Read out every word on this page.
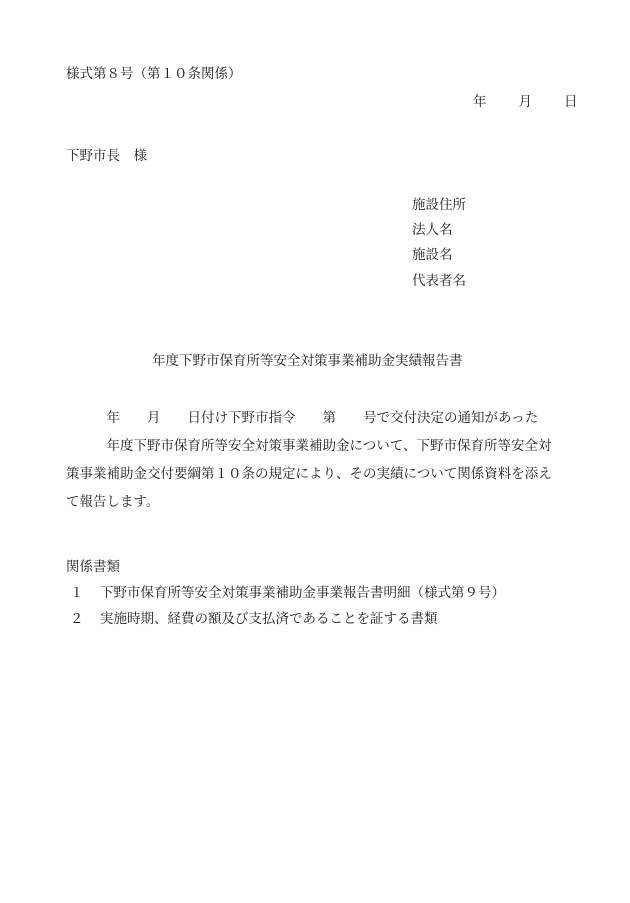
様式第８号（第１０条関係）
年 月 日
下野市長　様
施設住所
法人名
施設名
代表者名
年度下野市保育所等安全対策事業補助金実績報告書
　　　年　　月　　日付け下野市指令　　第　　号で交付決定の通知があった
　　　年度下野市保育所等安全対策事業補助金について、下野市保育所等安全対
策事業補助金交付要綱第１０条の規定により、その実績について関係資料を添え
て報告します。
関係書類
１ 下野市保育所等安全対策事業補助金事業報告書明細（様式第９号）
２ 実施時期、経費の額及び支払済であることを証する書類
